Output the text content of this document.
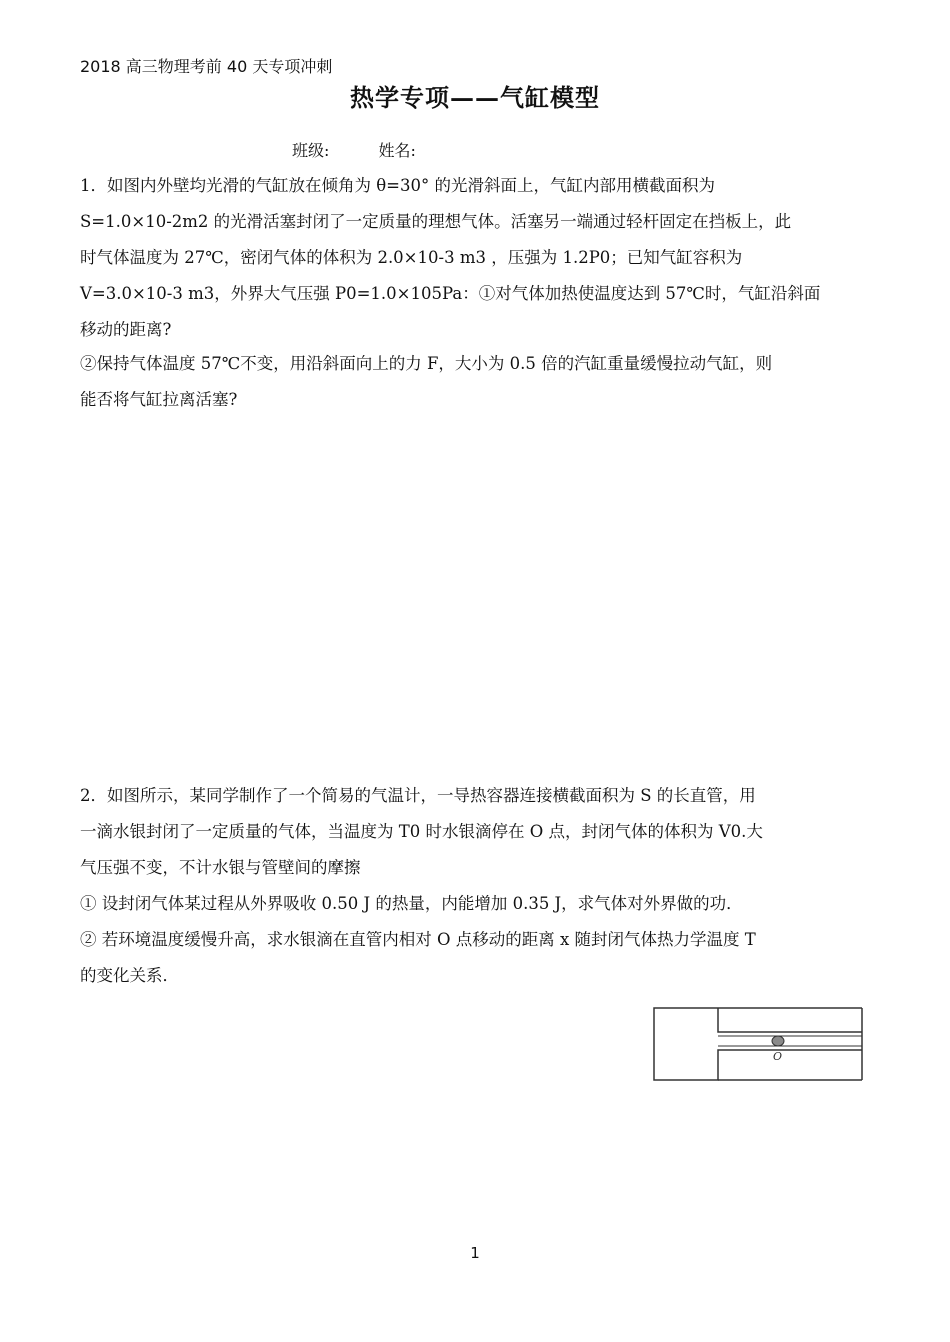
2018 高三物理考前 40 天专项冲刺
热学专项——气缸模型
班级:	姓名:
1．如图内外壁均光滑的气缸放在倾角为 θ=30° 的光滑斜面上，气缸内部用横截面积为
S=1.0×10-2m2 的光滑活塞封闭了一定质量的理想气体。活塞另一端通过轻杆固定在挡板上，此
时气体温度为 27℃，密闭气体的体积为 2.0×10-3 m3 ，压强为 1.2P0；已知气缸容积为
V=3.0×10-3 m3，外界大气压强 P0=1.0×105Pa：①对气体加热使温度达到 57℃时，气缸沿斜面
移动的距离?
②保持气体温度 57℃不变，用沿斜面向上的力 F，大小为 0.5 倍的汽缸重量缓慢拉动气缸，则
能否将气缸拉离活塞?
2．如图所示，某同学制作了一个简易的气温计，一导热容器连接横截面积为 S 的长直管，用
一滴水银封闭了一定质量的气体，当温度为 T0 时水银滴停在 O 点，封闭气体的体积为 V0.大
气压强不变，不计水银与管壁间的摩擦
① 设封闭气体某过程从外界吸收 0.50 J 的热量，内能增加 0.35 J，求气体对外界做的功．
② 若环境温度缓慢升高，求水银滴在直管内相对 O 点移动的距离 x 随封闭气体热力学温度 T
的变化关系．
O
1
